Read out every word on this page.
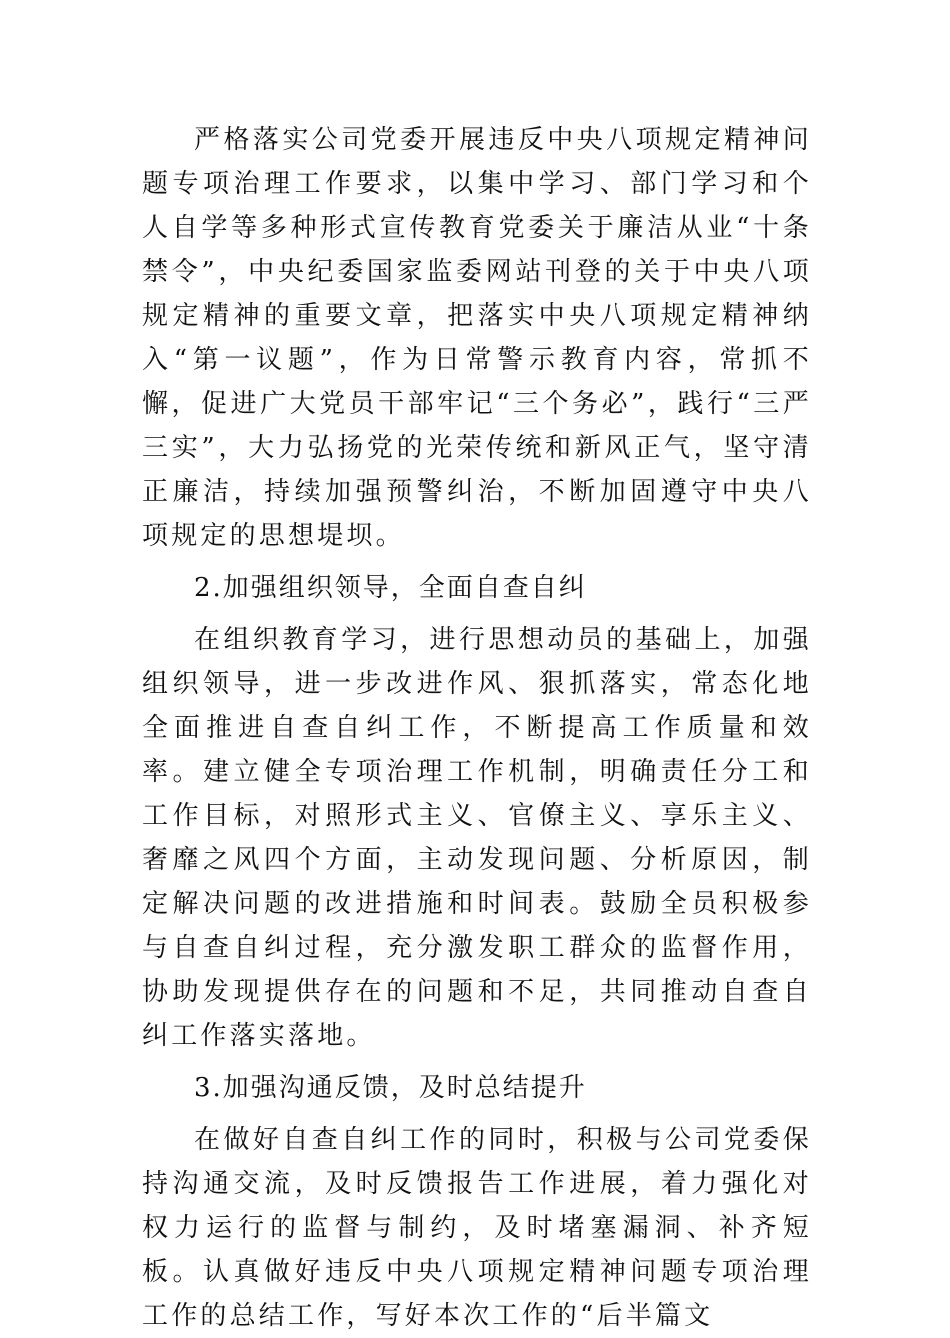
严格落实公司党委开展违反中央八项规定精神问题专项治理工作要求，以集中学习、部门学习和个人自学等多种形式宣传教育党委关于廉洁从业“十条禁令”，中央纪委国家监委网站刊登的关于中央八项规定精神的重要文章，把落实中央八项规定精神纳入“第一议题”，作为日常警示教育内容，常抓不懈，促进广大党员干部牢记“三个务必”，践行“三严三实”，大力弘扬党的光荣传统和新风正气，坚守清正廉洁，持续加强预警纠治，不断加固遵守中央八项规定的思想堤坝。

2.加强组织领导，全面自查自纠

在组织教育学习，进行思想动员的基础上，加强组织领导，进一步改进作风、狠抓落实，常态化地全面推进自查自纠工作，不断提高工作质量和效率。建立健全专项治理工作机制，明确责任分工和工作目标，对照形式主义、官僚主义、享乐主义、奢靡之风四个方面，主动发现问题、分析原因，制定解决问题的改进措施和时间表。鼓励全员积极参与自查自纠过程，充分激发职工群众的监督作用，协助发现提供存在的问题和不足，共同推动自查自纠工作落实落地。

3.加强沟通反馈，及时总结提升

在做好自查自纠工作的同时，积极与公司党委保持沟通交流，及时反馈报告工作进展，着力强化对权力运行的监督与制约，及时堵塞漏洞、补齐短板。认真做好违反中央八项规定精神问题专项治理工作的总结工作，写好本次工作的“后半篇文
